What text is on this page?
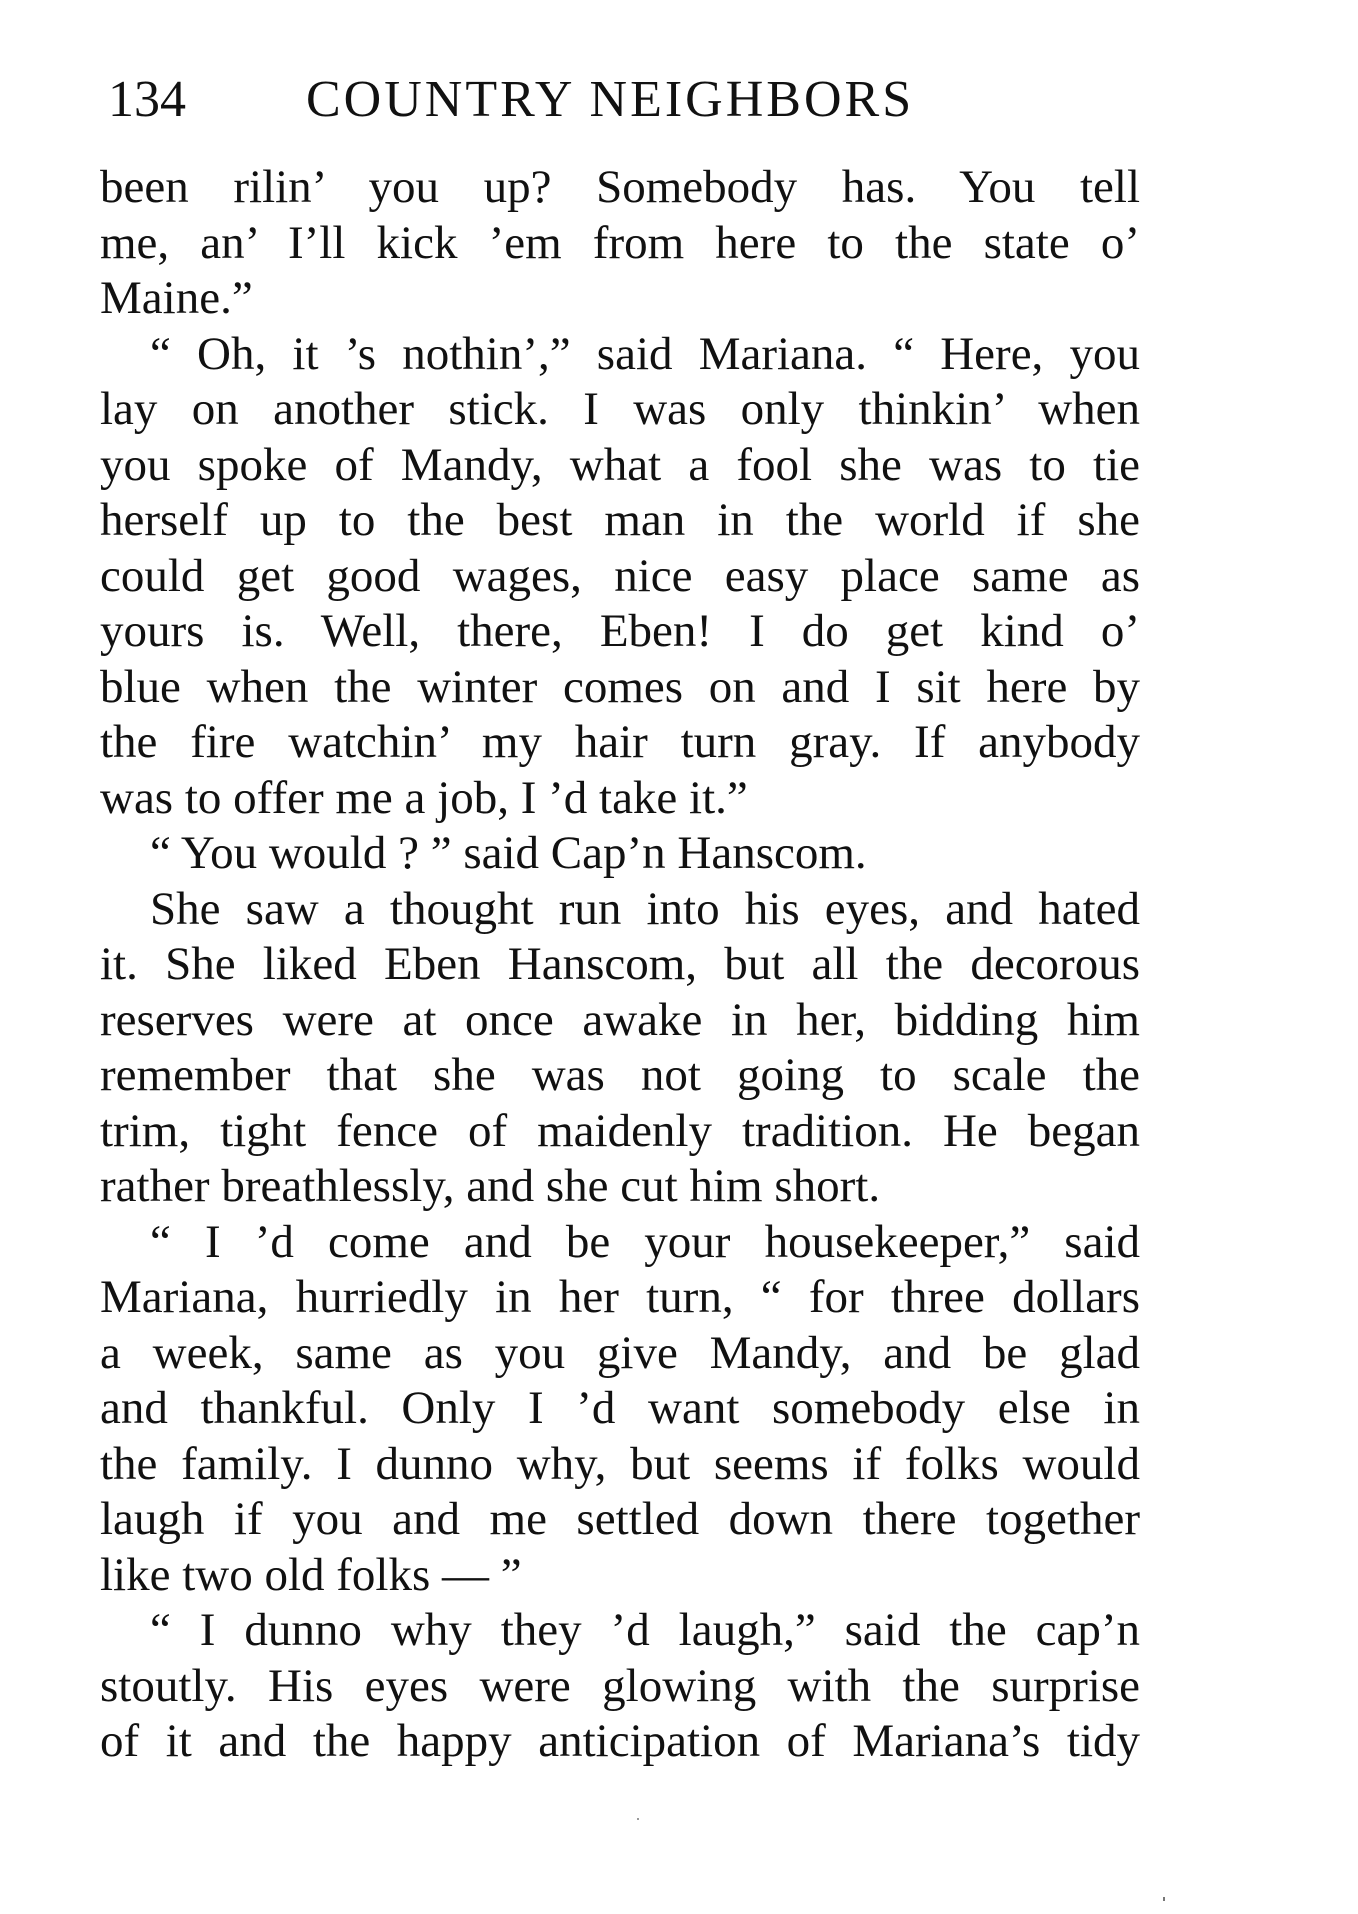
134 COUNTRY NEIGHBORS
been rilin’ you up? Somebody has. You tell
me, an’ I’ll kick ’em from here to the state o’
Maine.”
“ Oh, it ’s nothin’,” said Mariana. “ Here, you
lay on another stick. I was only thinkin’ when
you spoke of Mandy, what a fool she was to tie
herself up to the best man in the world if she
could get good wages, nice easy place same as
yours is. Well, there, Eben! I do get kind o’
blue when the winter comes on and I sit here by
the fire watchin’ my hair turn gray. If anybody
was to offer me a job, I ’d take it.”
“ You would ? ” said Cap’n Hanscom.
She saw a thought run into his eyes, and hated
it. She liked Eben Hanscom, but all the decorous
reserves were at once awake in her, bidding him
remember that she was not going to scale the
trim, tight fence of maidenly tradition. He began
rather breathlessly, and she cut him short.
“ I ’d come and be your housekeeper,” said
Mariana, hurriedly in her turn, “ for three dollars
a week, same as you give Mandy, and be glad
and thankful. Only I ’d want somebody else in
the family. I dunno why, but seems if folks would
laugh if you and me settled down there together
like two old folks — ”
“ I dunno why they ’d laugh,” said the cap’n
stoutly. His eyes were glowing with the surprise
of it and the happy anticipation of Mariana’s tidy
